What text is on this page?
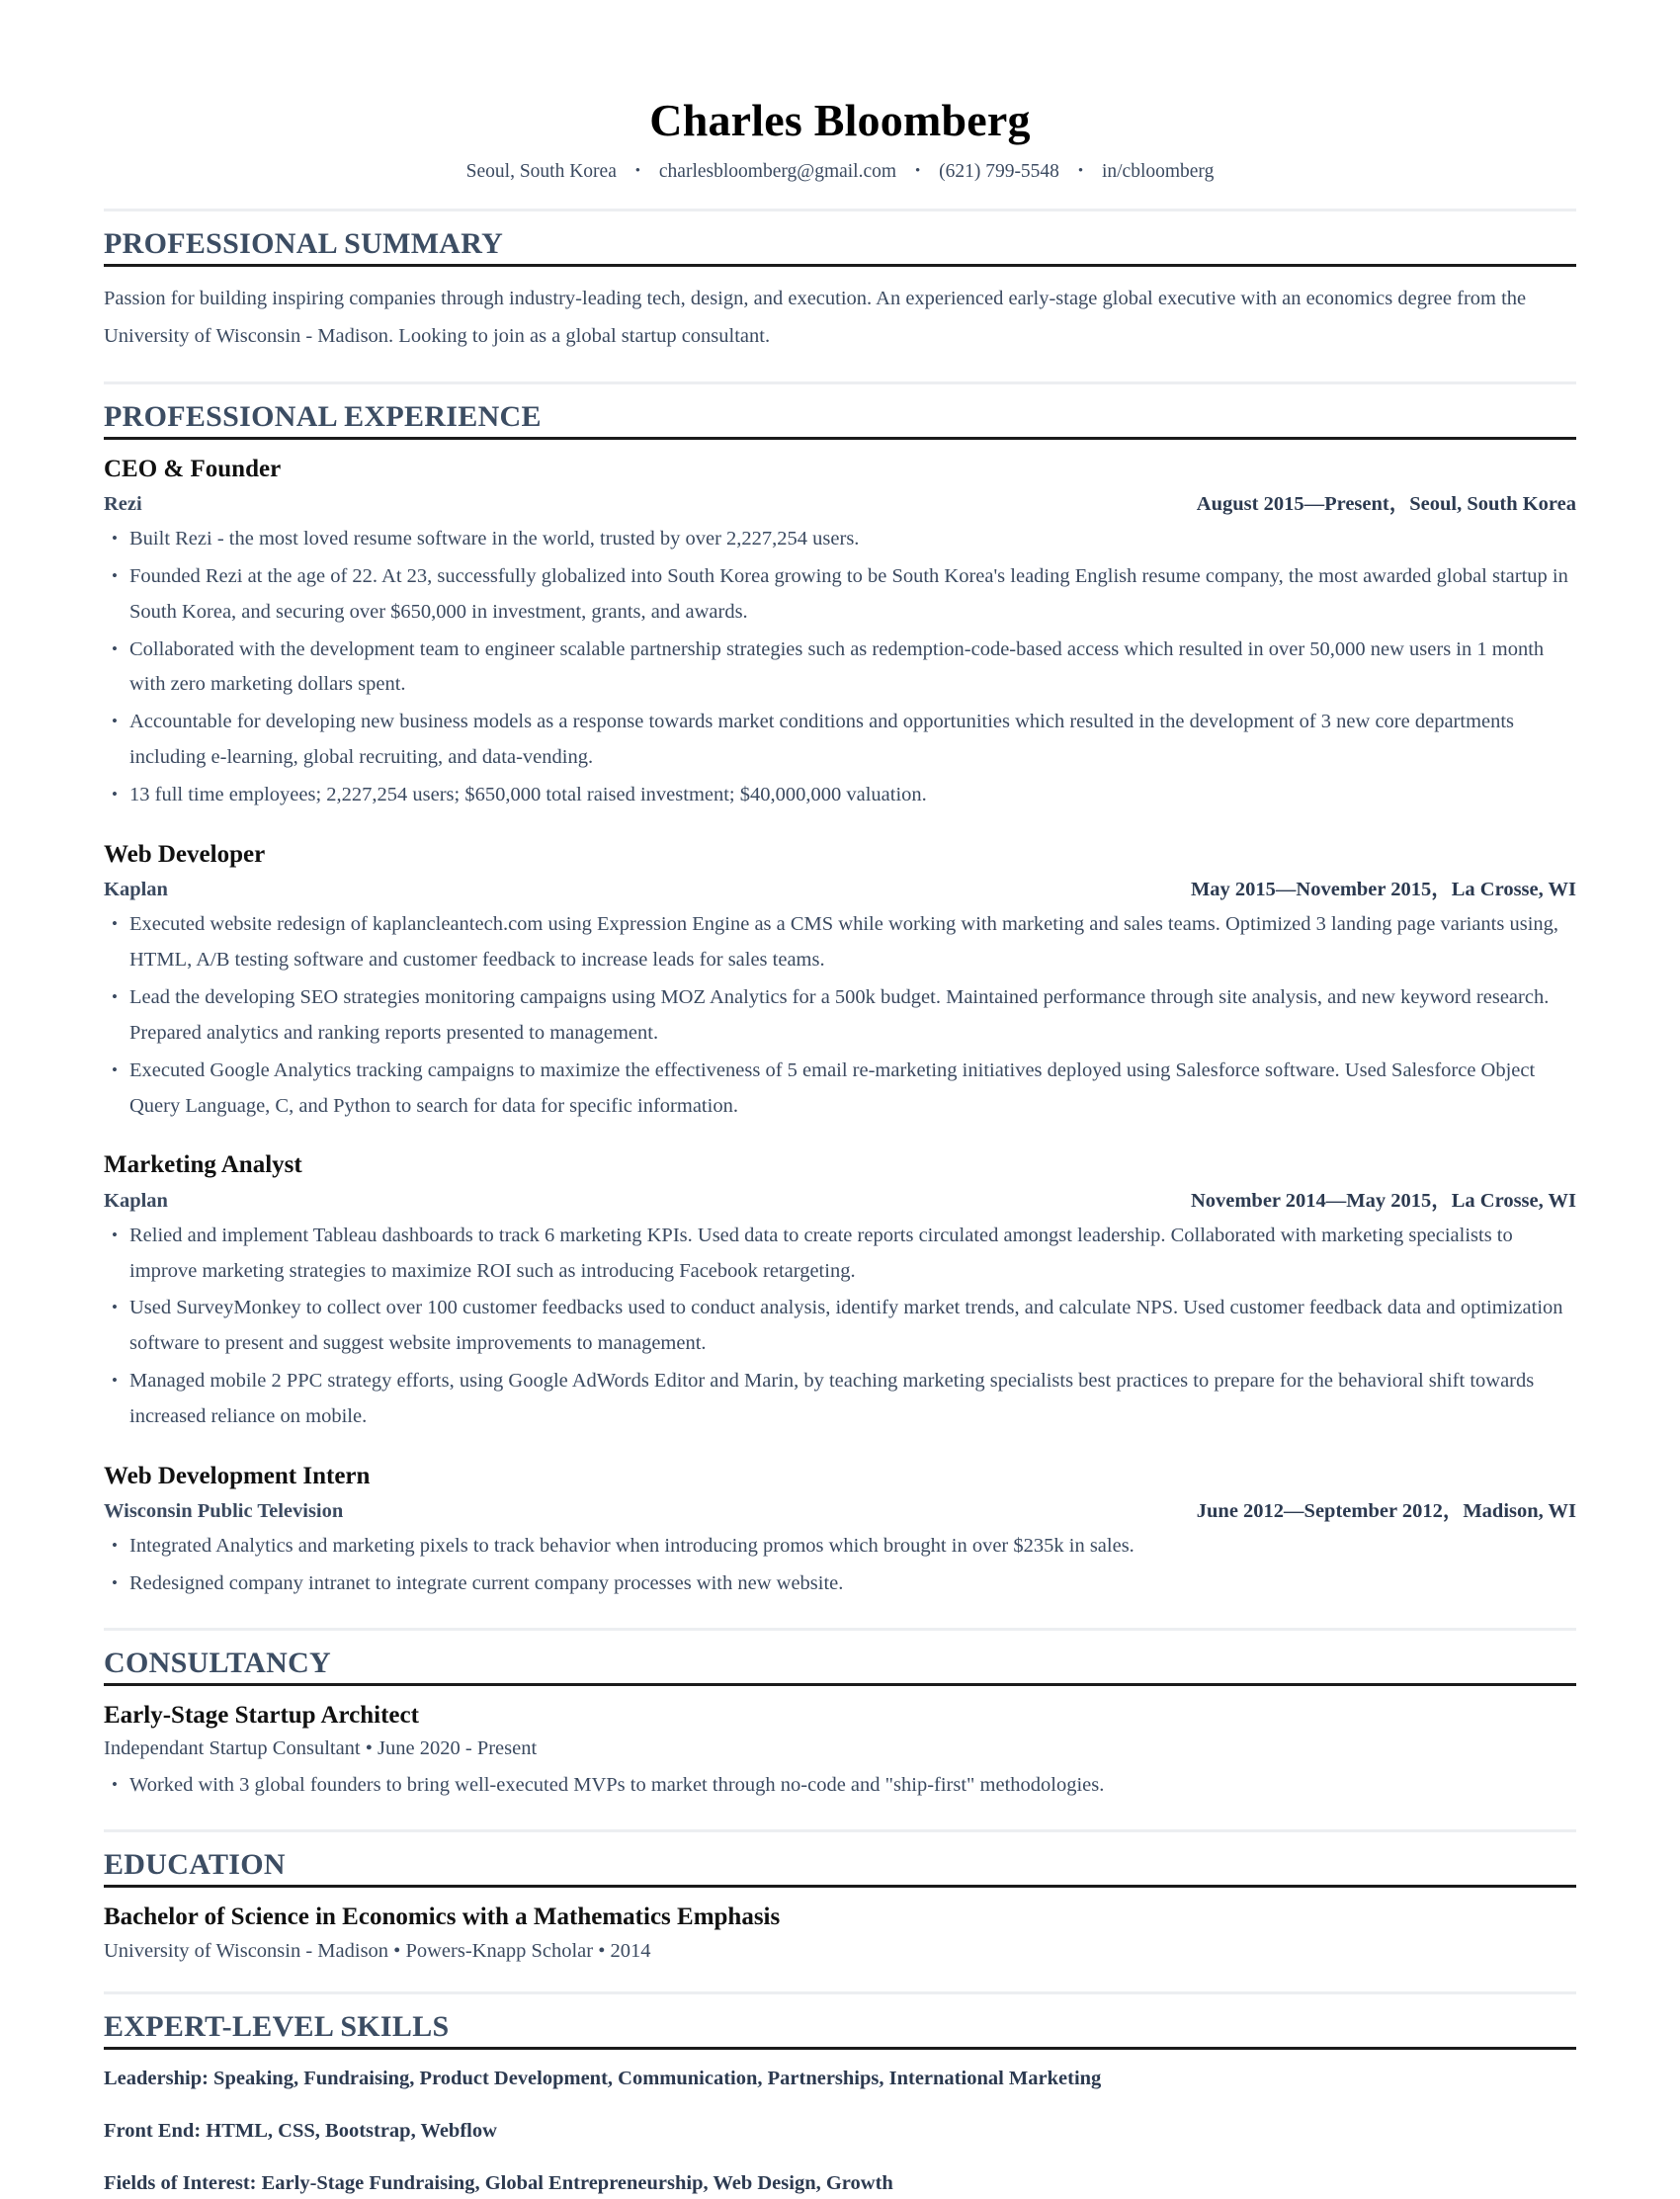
Charles Bloomberg
Seoul, South Korea • charlesbloomberg@gmail.com • (621) 799-5548 • in/cbloomberg
PROFESSIONAL SUMMARY
Passion for building inspiring companies through industry-leading tech, design, and execution. An experienced early-stage global executive with an economics degree from the University of Wisconsin - Madison. Looking to join as a global startup consultant.
PROFESSIONAL EXPERIENCE
CEO & Founder
Rezi	August 2015—Present，Seoul, South Korea
• Built Rezi - the most loved resume software in the world, trusted by over 2,227,254 users.
• Founded Rezi at the age of 22. At 23, successfully globalized into South Korea growing to be South Korea's leading English resume company, the most awarded global startup in South Korea, and securing over $650,000 in investment, grants, and awards.
• Collaborated with the development team to engineer scalable partnership strategies such as redemption-code-based access which resulted in over 50,000 new users in 1 month with zero marketing dollars spent.
• Accountable for developing new business models as a response towards market conditions and opportunities which resulted in the development of 3 new core departments including e-learning, global recruiting, and data-vending.
• 13 full time employees; 2,227,254 users; $650,000 total raised investment; $40,000,000 valuation.
Web Developer
Kaplan	May 2015—November 2015，La Crosse, WI
• Executed website redesign of kaplancleantech.com using Expression Engine as a CMS while working with marketing and sales teams. Optimized 3 landing page variants using, HTML, A/B testing software and customer feedback to increase leads for sales teams.
• Lead the developing SEO strategies monitoring campaigns using MOZ Analytics for a 500k budget. Maintained performance through site analysis, and new keyword research. Prepared analytics and ranking reports presented to management.
• Executed Google Analytics tracking campaigns to maximize the effectiveness of 5 email re-marketing initiatives deployed using Salesforce software. Used Salesforce Object Query Language, C, and Python to search for data for specific information.
Marketing Analyst
Kaplan	November 2014—May 2015，La Crosse, WI
• Relied and implement Tableau dashboards to track 6 marketing KPIs. Used data to create reports circulated amongst leadership. Collaborated with marketing specialists to improve marketing strategies to maximize ROI such as introducing Facebook retargeting.
• Used SurveyMonkey to collect over 100 customer feedbacks used to conduct analysis, identify market trends, and calculate NPS. Used customer feedback data and optimization software to present and suggest website improvements to management.
• Managed mobile 2 PPC strategy efforts, using Google AdWords Editor and Marin, by teaching marketing specialists best practices to prepare for the behavioral shift towards increased reliance on mobile.
Web Development Intern
Wisconsin Public Television	June 2012—September 2012，Madison, WI
• Integrated Analytics and marketing pixels to track behavior when introducing promos which brought in over $235k in sales.
• Redesigned company intranet to integrate current company processes with new website.
CONSULTANCY
Early-Stage Startup Architect
Independant Startup Consultant • June 2020 - Present
• Worked with 3 global founders to bring well-executed MVPs to market through no-code and "ship-first" methodologies.
EDUCATION
Bachelor of Science in Economics with a Mathematics Emphasis
University of Wisconsin - Madison • Powers-Knapp Scholar • 2014
EXPERT-LEVEL SKILLS
Leadership: Speaking, Fundraising, Product Development, Communication, Partnerships, International Marketing
Front End: HTML, CSS, Bootstrap, Webflow
Fields of Interest: Early-Stage Fundraising, Global Entrepreneurship, Web Design, Growth
